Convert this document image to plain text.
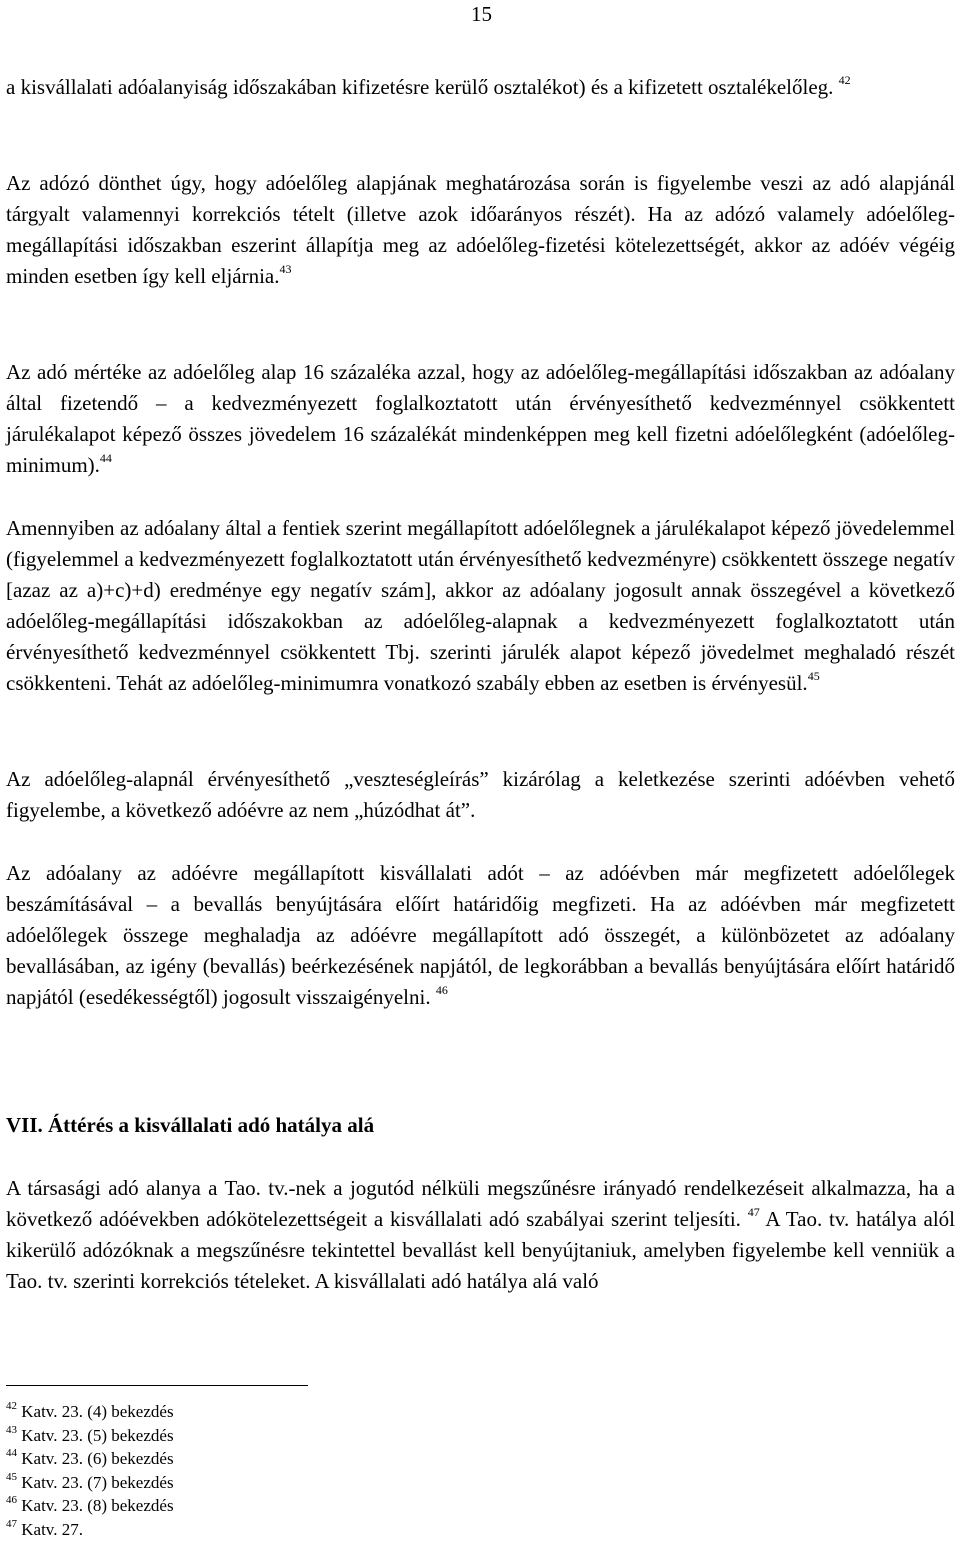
15

a kisvállalati adóalanyiság időszakában kifizetésre kerülő osztalékot) és a kifizetett osztalékelőleg. $^{42}$

Az adózó dönthet úgy, hogy adóelőleg alapjának meghatározása során is figyelembe veszi az adó alapjánál tárgyalt valamennyi korrekciós tételt (illetve azok időarányos részét). Ha az adózó valamely adóelőleg-megállapítási időszakban eszerint állapítja meg az adóelőleg-fizetési kötelezettségét, akkor az adóév végéig minden esetben így kell eljárnia.$^{43}$

Az adó mértéke az adóelőleg alap 16 százaléka azzal, hogy az adóelőleg-megállapítási időszakban az adóalany által fizetendő – a kedvezményezett foglalkoztatott után érvényesíthető kedvezménnyel csökkentett járulékalapot képező összes jövedelem 16 százalékát mindenképpen meg kell fizetni adóelőlegként (adóelőleg-minimum).$^{44}$

Amennyiben az adóalany által a fentiek szerint megállapított adóelőlegnek a járulékalapot képező jövedelemmel (figyelemmel a kedvezményezett foglalkoztatott után érvényesíthető kedvezményre) csökkentett összege negatív [azaz az a)+c)+d) eredménye egy negatív szám], akkor az adóalany jogosult annak összegével a következő adóelőleg-megállapítási időszakokban az adóelőleg-alapnak a kedvezményezett foglalkoztatott után érvényesíthető kedvezménnyel csökkentett Tbj. szerinti járulék alapot képező jövedelmet meghaladó részét csökkenteni. Tehát az adóelőleg-minimumra vonatkozó szabály ebben az esetben is érvényesül.$^{45}$

Az adóelőleg-alapnál érvényesíthető „veszteségleírás” kizárólag a keletkezése szerinti adóévben vehető figyelembe, a következő adóévre az nem „húzódhat át”.

Az adóalany az adóévre megállapított kisvállalati adót – az adóévben már megfizetett adóelőlegek beszámításával – a bevallás benyújtására előírt határidőig megfizeti. Ha az adóévben már megfizetett adóelőlegek összege meghaladja az adóévre megállapított adó összegét, a különbözetet az adóalany bevallásában, az igény (bevallás) beérkezésének napjától, de legkorábban a bevallás benyújtására előírt határidő napjától (esedékességtől) jogosult visszaigényelni. $^{46}$

VII. Áttérés a kisvállalati adó hatálya alá

A társasági adó alanya a Tao. tv.-nek a jogutód nélküli megszűnésre irányadó rendelkezéseit alkalmazza, ha a következő adóévekben adókötelezettségeit a kisvállalati adó szabályai szerint teljesíti. $^{47}$ A Tao. tv. hatálya alól kikerülő adózóknak a megszűnésre tekintettel bevallást kell benyújtaniuk, amelyben figyelembe kell venniük a Tao. tv. szerinti korrekciós tételeket. A kisvállalati adó hatálya alá való

$^{42}$ Katv. 23. (4) bekezdés
$^{43}$ Katv. 23. (5) bekezdés
$^{44}$ Katv. 23. (6) bekezdés
$^{45}$ Katv. 23. (7) bekezdés
$^{46}$ Katv. 23. (8) bekezdés
$^{47}$ Katv. 27.
